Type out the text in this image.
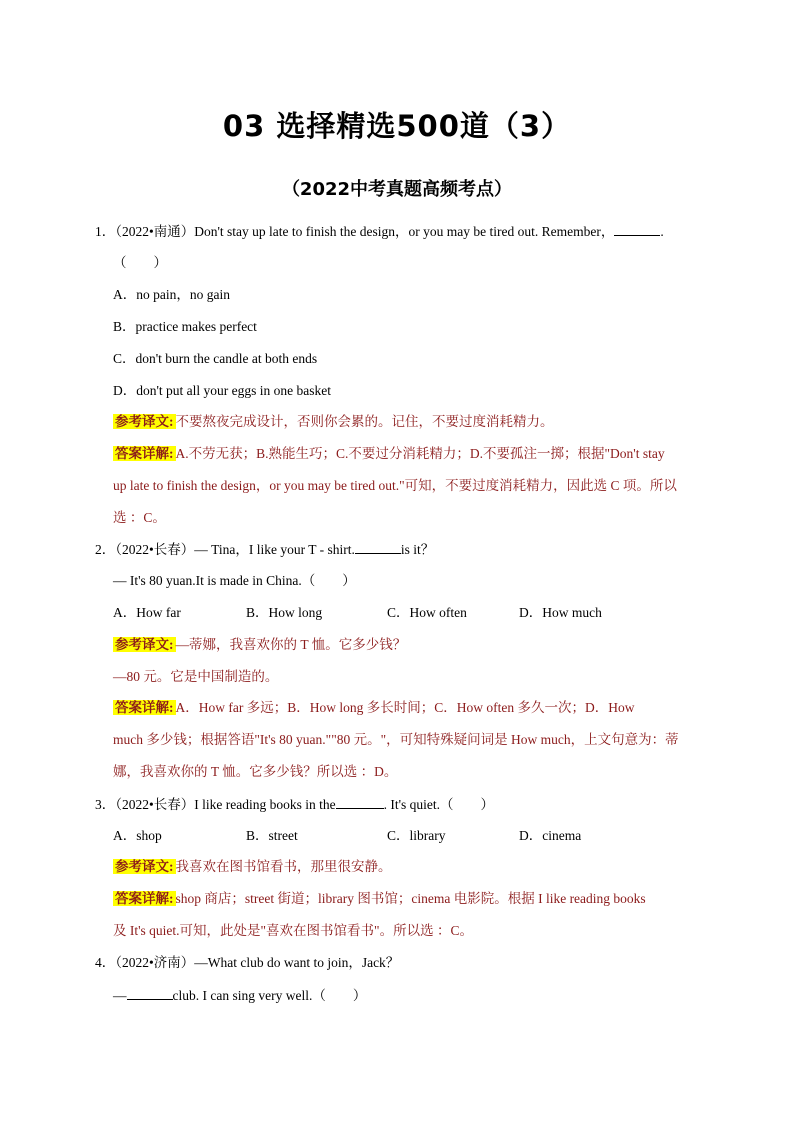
03 选择精选500道（3）
（2022中考真题高频考点）
1．（2022•南通）Don't stay up late to finish the design，or you may be tired out. Remember，	.
（　　）
A．no pain，no gain
B．practice makes perfect
C．don't burn the candle at both ends
D．don't put all your eggs in one basket
参考译文: 不要熬夜完成设计，否则你会累的。记住，不要过度消耗精力。
答案详解: A.不劳无获；B.熟能生巧；C.不要过分消耗精力；D.不要孤注一掷；根据"Don't stay
up late to finish the design，or you may be tired out."可知，不要过度消耗精力，因此选 C 项。所以
选 ：C。
2．（2022•长春）— Tina，I like your T - shirt.	is it？
— It's 80 yuan.It is made in China.（　　）
A．How far	B．How long	C．How often	D．How much
参考译文: —蒂娜，我喜欢你的 T 恤。它多少钱？
—80 元。它是中国制造的。
答案详解: A．How far 多远；B．How long 多长时间；C．How often 多久一次；D．How
much 多少钱；根据答语"It's 80 yuan.""80 元。"，可知特殊疑问词是 How much，上文句意为：蒂
娜，我喜欢你的 T 恤。它多少钱？所以选 ：D。
3．（2022•长春）I like reading books in the	. It's quiet.（　　）
A．shop	B．street	C．library	D．cinema
参考译文: 我喜欢在图书馆看书，那里很安静。
答案详解: shop 商店；street 街道；library 图书馆；cinema 电影院。根据 I like reading books
及 It's quiet.可知，此处是"喜欢在图书馆看书"。所以选 ：C。
4．（2022•济南）—What club do want to join，Jack？
—	club. I can sing very well.（　　）
